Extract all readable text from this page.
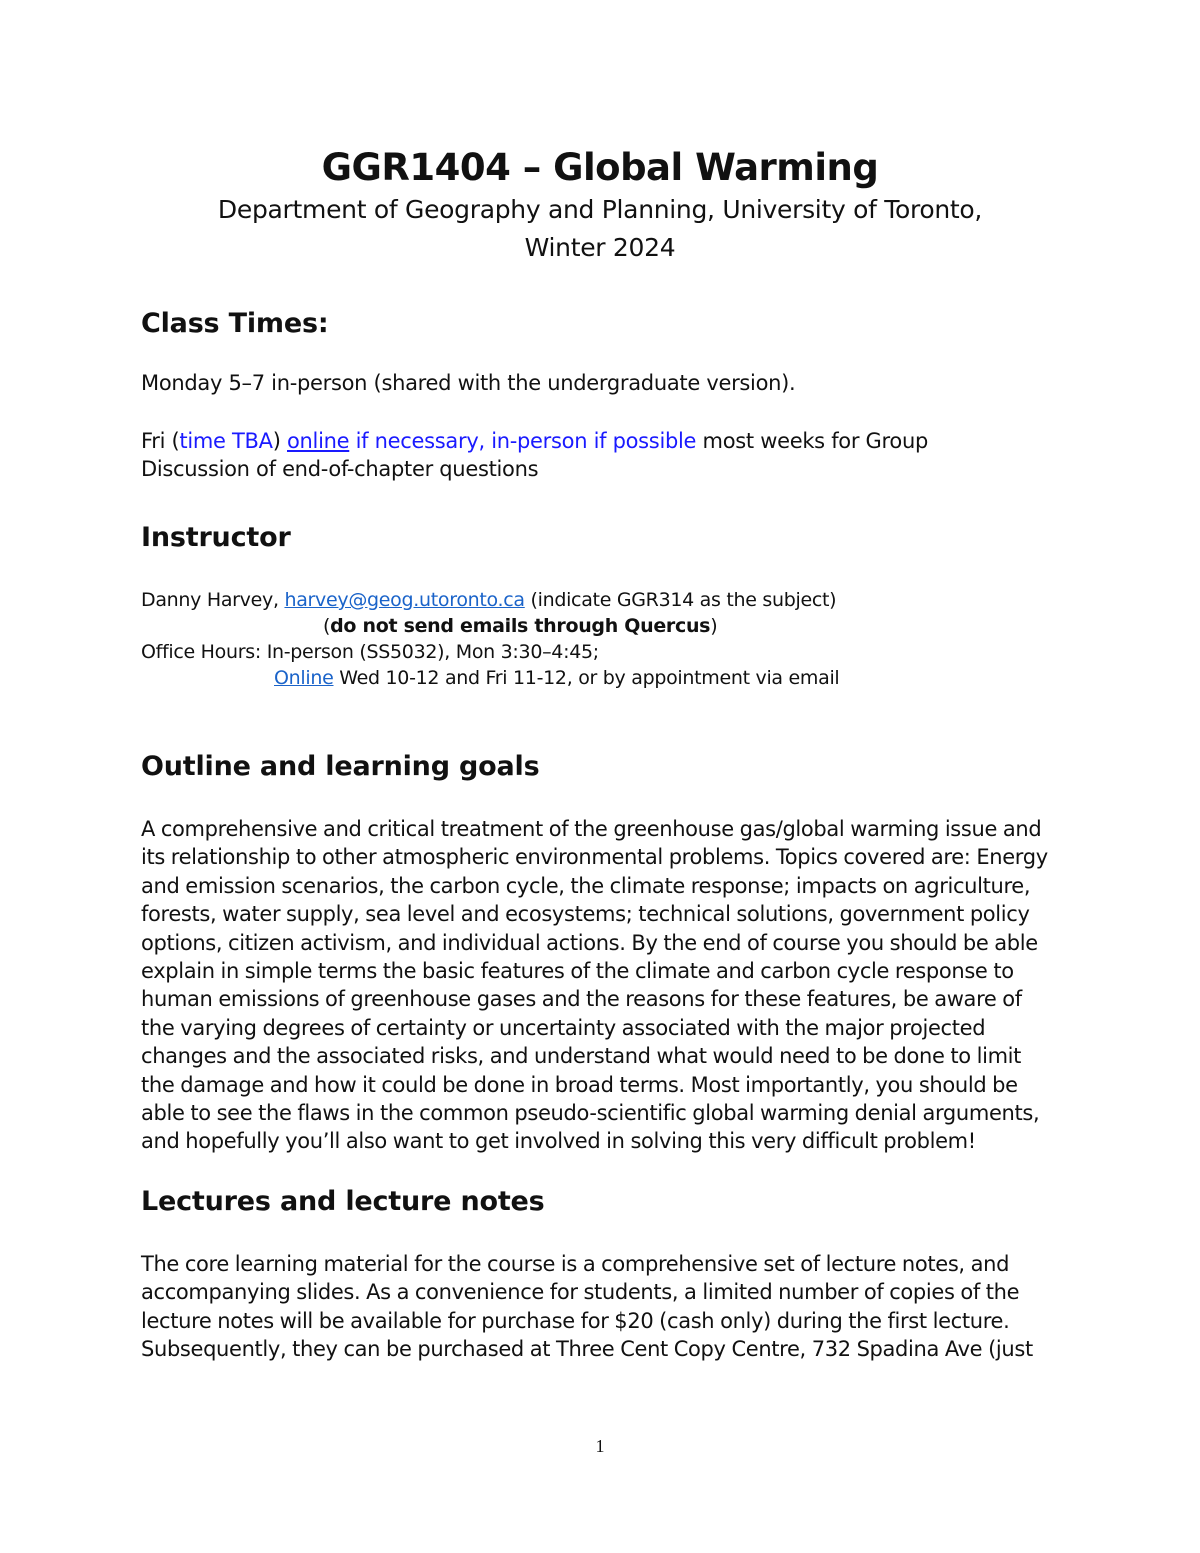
GGR1404 – Global Warming
Department of Geography and Planning, University of Toronto,
Winter 2024
Class Times:
Monday 5–7 in-person (shared with the undergraduate version).
Fri (time TBA) online if necessary, in-person if possible most weeks for Group
Discussion of end-of-chapter questions
Instructor
Danny Harvey, harvey@geog.utoronto.ca (indicate GGR314 as the subject)
(do not send emails through Quercus)
Office Hours: In-person (SS5032), Mon 3:30–4:45;
Online Wed 10-12 and Fri 11-12, or by appointment via email
Outline and learning goals
A comprehensive and critical treatment of the greenhouse gas/global warming issue and
its relationship to other atmospheric environmental problems. Topics covered are: Energy
and emission scenarios, the carbon cycle, the climate response; impacts on agriculture,
forests, water supply, sea level and ecosystems; technical solutions, government policy
options, citizen activism, and individual actions. By the end of course you should be able
explain in simple terms the basic features of the climate and carbon cycle response to
human emissions of greenhouse gases and the reasons for these features, be aware of
the varying degrees of certainty or uncertainty associated with the major projected
changes and the associated risks, and understand what would need to be done to limit
the damage and how it could be done in broad terms. Most importantly, you should be
able to see the flaws in the common pseudo-scientific global warming denial arguments,
and hopefully you’ll also want to get involved in solving this very difficult problem!
Lectures and lecture notes
The core learning material for the course is a comprehensive set of lecture notes, and
accompanying slides. As a convenience for students, a limited number of copies of the
lecture notes will be available for purchase for $20 (cash only) during the first lecture.
Subsequently, they can be purchased at Three Cent Copy Centre, 732 Spadina Ave (just
1
